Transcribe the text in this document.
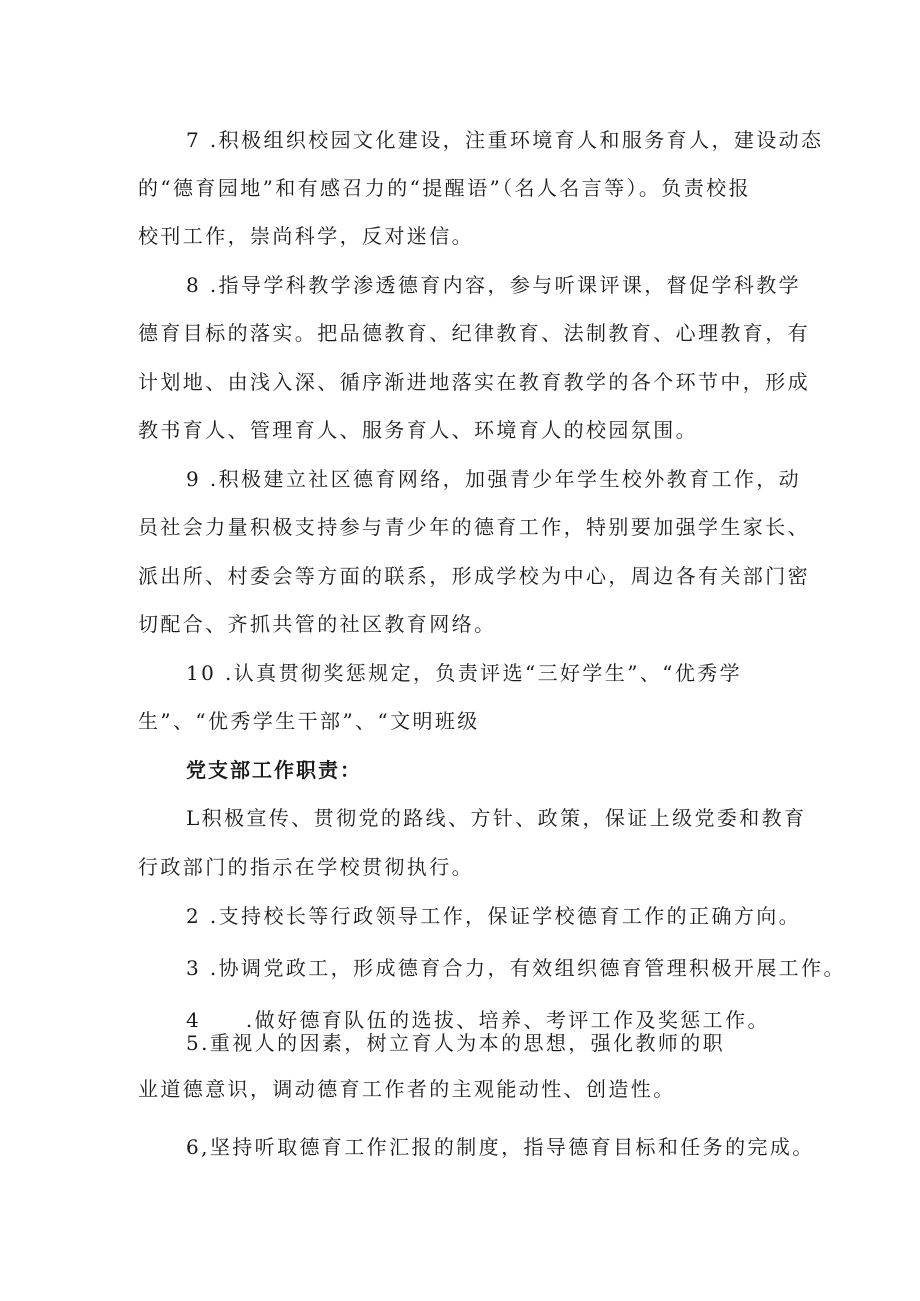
7 .积极组织校园文化建设，注重环境育人和服务育人，建设动态
的“德育园地”和有感召力的“提醒语”（名人名言等）。负责校报
校刊工作，崇尚科学，反对迷信。
8 .指导学科教学渗透德育内容，参与听课评课，督促学科教学
德育目标的落实。把品德教育、纪律教育、法制教育、心理教育，有
计划地、由浅入深、循序渐进地落实在教育教学的各个环节中，形成
教书育人、管理育人、服务育人、环境育人的校园氛围。
9 .积极建立社区德育网络，加强青少年学生校外教育工作，动
员社会力量积极支持参与青少年的德育工作，特别要加强学生家长、
派出所、村委会等方面的联系，形成学校为中心，周边各有关部门密
切配合、齐抓共管的社区教育网络。
10 .认真贯彻奖惩规定，负责评选“三好学生”、“优秀学
生”、“优秀学生干部”、“文明班级
党支部工作职责：
L积极宣传、贯彻党的路线、方针、政策，保证上级党委和教育
行政部门的指示在学校贯彻执行。
2 .支持校长等行政领导工作，保证学校德育工作的正确方向。
3 .协调党政工，形成德育合力，有效组织德育管理积极开展工作。
4　　.做好德育队伍的选拔、培养、考评工作及奖惩工作。
5.重视人的因素，树立育人为本的思想，强化教师的职
业道德意识，调动德育工作者的主观能动性、创造性。
6,坚持听取德育工作汇报的制度，指导德育目标和任务的完成。
